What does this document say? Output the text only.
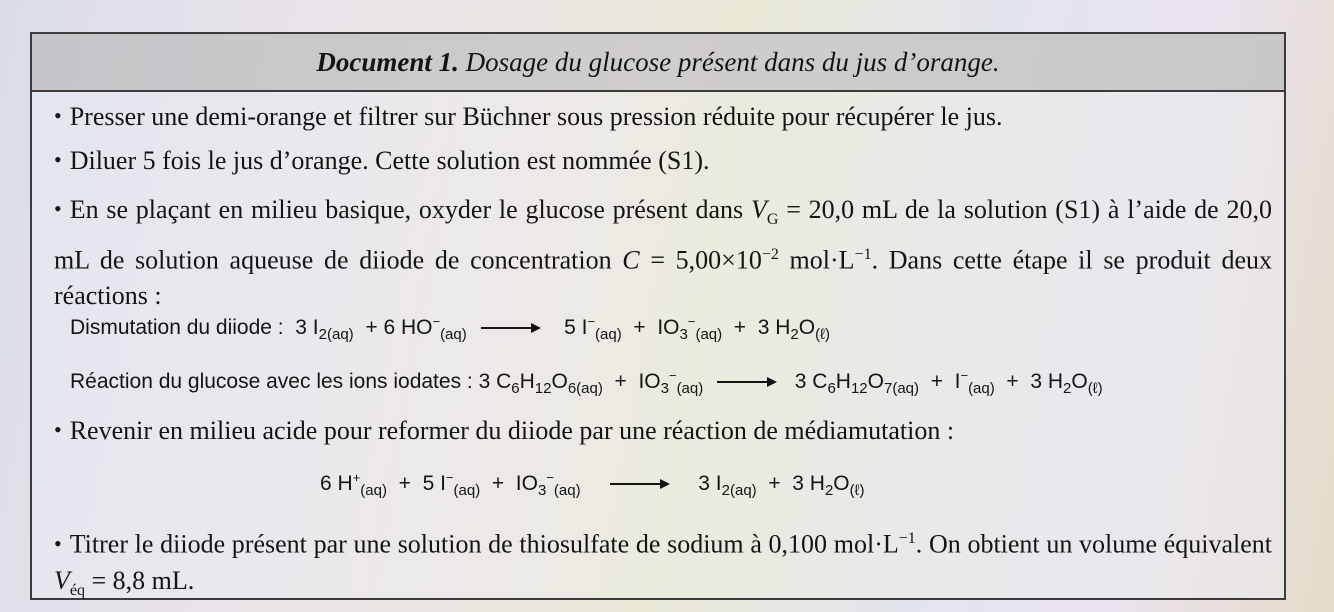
Document 1. Dosage du glucose présent dans du jus d’orange.
• Presser une demi-orange et filtrer sur Büchner sous pression réduite pour récupérer le jus.
• Diluer 5 fois le jus d’orange. Cette solution est nommée (S1).
• En se plaçant en milieu basique, oxyder le glucose présent dans $V_G = 20,0$ mL de la solution (S1) à l’aide de 20,0 mL de solution aqueuse de diiode de concentration $C = 5,00\times 10^{-2}$ $mol\cdot L^{-1}$. Dans cette étape il se produit deux réactions :
Dismutation du diiode :  3 $I_{2(aq)} + 6$ $HO^-_{(aq)} \to 5$ $I^-_{(aq)} + IO_3^-_{(aq)} + 3$ $H_2O_{(\ell)}$
Réaction du glucose avec les ions iodates : 3 $C_6H_{12}O_{6(aq)} + IO_3^-_{(aq)} \to 3$ $C_6H_{12}O_{7(aq)} + I^-_{(aq)} + 3$ $H_2O_{(\ell)}$
• Revenir en milieu acide pour reformer du diiode par une réaction de médiamutation :
6 $H^+_{(aq)} + 5$ $I^-_{(aq)} + IO_3^-_{(aq)} \to 3$ $I_{2(aq)} + 3$ $H_2O_{(\ell)}$
• Titrer le diiode présent par une solution de thiosulfate de sodium à 0,100 $mol\cdot L^{-1}$. On obtient un volume équivalent $V_{éq} = 8,8$ mL.
